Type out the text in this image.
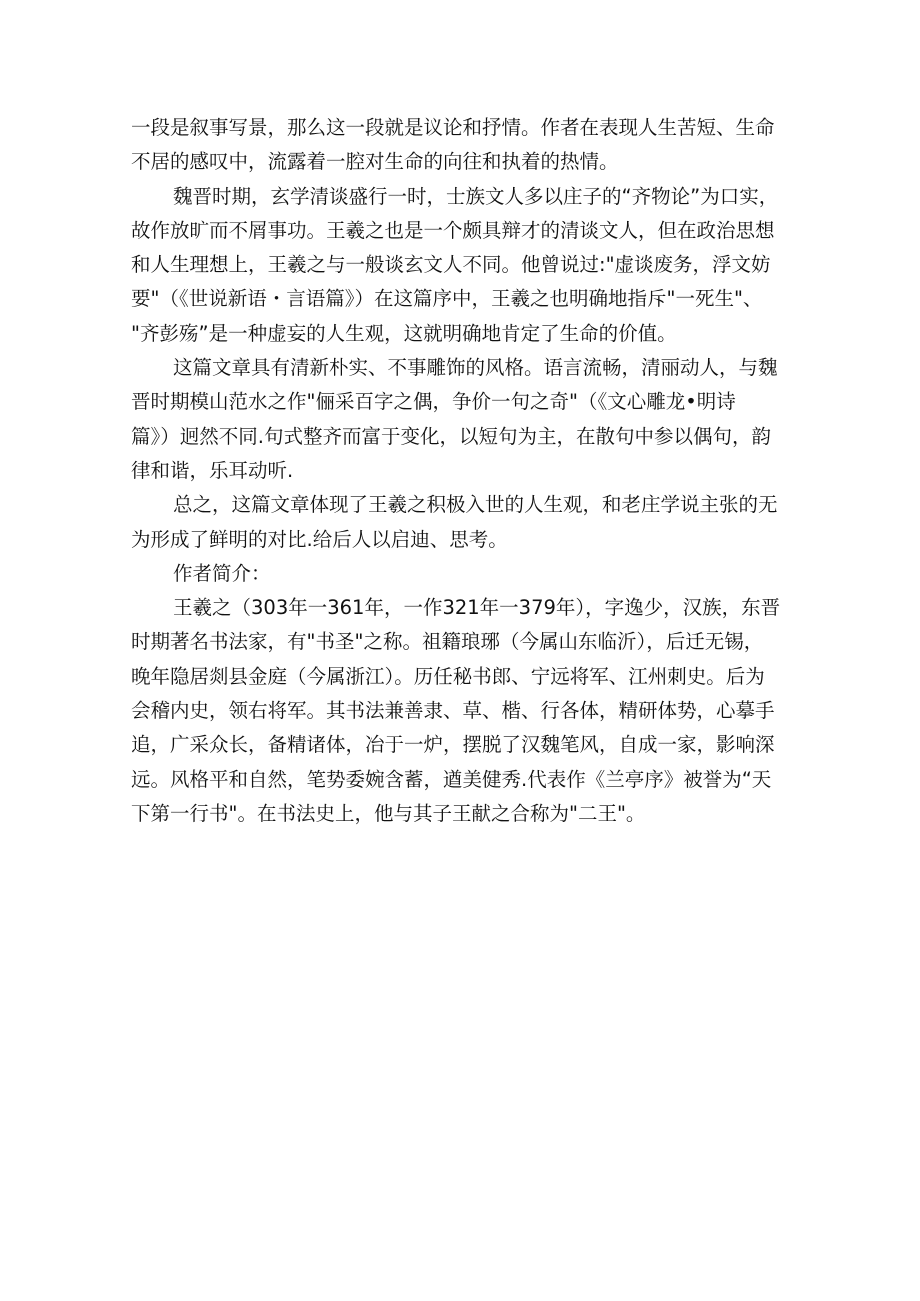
一段是叙事写景，那么这一段就是议论和抒情。作者在表现人生苦短、生命
不居的感叹中，流露着一腔对生命的向往和执着的热情。
魏晋时期，玄学清谈盛行一时，士族文人多以庄子的“齐物论”为口实，
故作放旷而不屑事功。王羲之也是一个颇具辩才的清谈文人，但在政治思想
和人生理想上，王羲之与一般谈玄文人不同。他曾说过:"虚谈废务，浮文妨
要"（《世说新语・言语篇》）在这篇序中，王羲之也明确地指斥"一死生"、
"齐彭殇”是一种虚妄的人生观，这就明确地肯定了生命的价值。
这篇文章具有清新朴实、不事雕饰的风格。语言流畅，清丽动人，与魏
晋时期模山范水之作"俪采百字之偶，争价一句之奇"（《文心雕龙•明诗
篇》）迥然不同.句式整齐而富于变化，以短句为主，在散句中参以偶句，韵
律和谐，乐耳动听.
总之，这篇文章体现了王羲之积极入世的人生观，和老庄学说主张的无
为形成了鲜明的对比.给后人以启迪、思考。
作者简介：
王羲之（303年一361年，一作321年一379年），字逸少，汉族，东晋
时期著名书法家，有"书圣"之称。祖籍琅琊（今属山东临沂），后迁无锡，
晚年隐居剡县金庭（今属浙江）。历任秘书郎、宁远将军、江州刺史。后为
会稽内史，领右将军。其书法兼善隶、草、楷、行各体，精研体势，心摹手
追，广采众长，备精诸体，冶于一炉，摆脱了汉魏笔风，自成一家，影响深
远。风格平和自然，笔势委婉含蓄，遒美健秀.代表作《兰亭序》被誉为“天
下第一行书"。在书法史上，他与其子王献之合称为"二王"。
